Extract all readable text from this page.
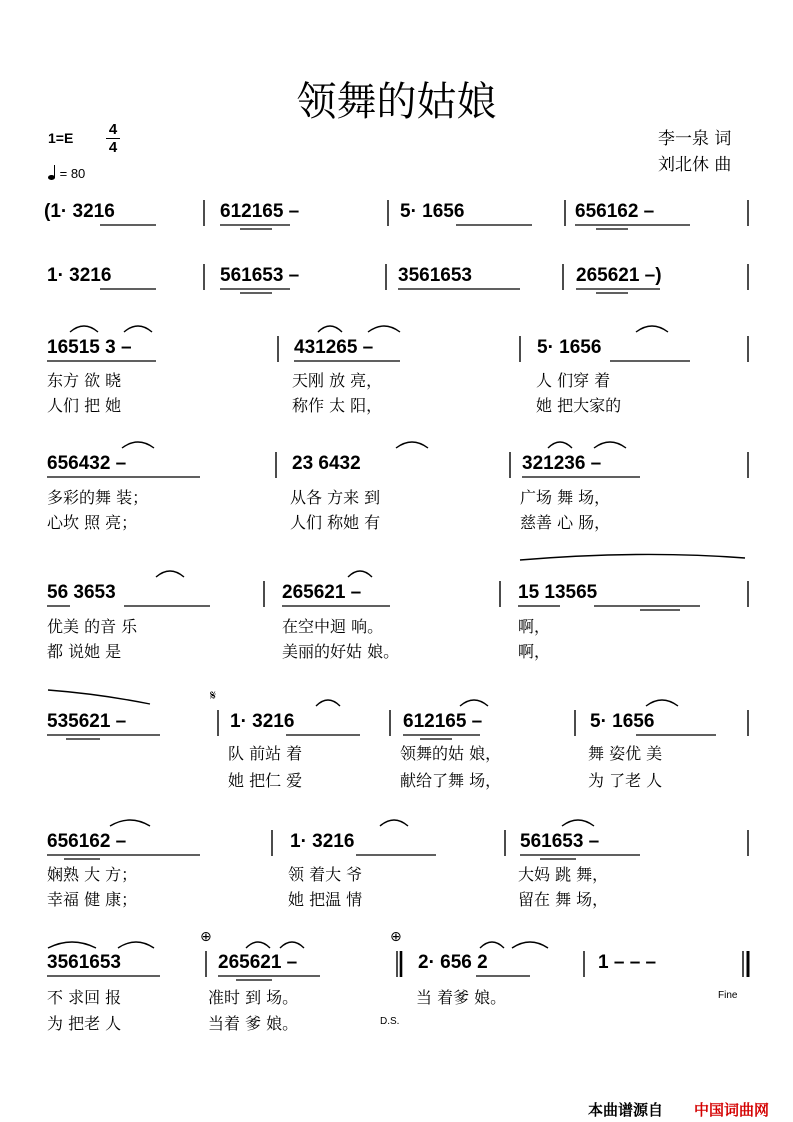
领舞的姑娘
李一泉 词
刘北休 曲
1=E 4
4
= 80
(1· 3216	612165 –	5· 1656	656162 –
1· 3216	561653 –	3561653	265621 –)
16515 3 –	431265 –	5· 1656
东方 欲 晓	天刚 放 亮，	人 们穿 着
人们 把 她	称作 太 阳，	她 把大家的
656432 –	23 6432	321236 –
多彩的舞 装；	从各 方来 到	广场 舞 场，
心坎 照 亮；	人们 称她 有	慈善 心 肠，
56 3653	265621 –	15 13565
优美 的音 乐	在空中迴 响。	啊，
都 说她 是	美丽的好姑 娘。	啊，
𝄋
535621 –	1· 3216	612165 –	5· 1656
队 前站 着	领舞的姑 娘，	舞 姿优 美
她 把仁 爱	献给了舞 场，	为 了老 人
656162 –	1· 3216	561653 –
娴熟 大 方；	领 着大 爷	大妈 跳 舞，
幸福 健 康；	她 把温 情	留在 舞 场，
⊕	⊕
3561653	265621 –	2· 656 2	1 – – –
不 求回 报	准时 到 场。	当 着爹 娘。	Fine
为 把老 人	当着 爹 娘。	D.S.
本曲谱源自 中国词曲网
